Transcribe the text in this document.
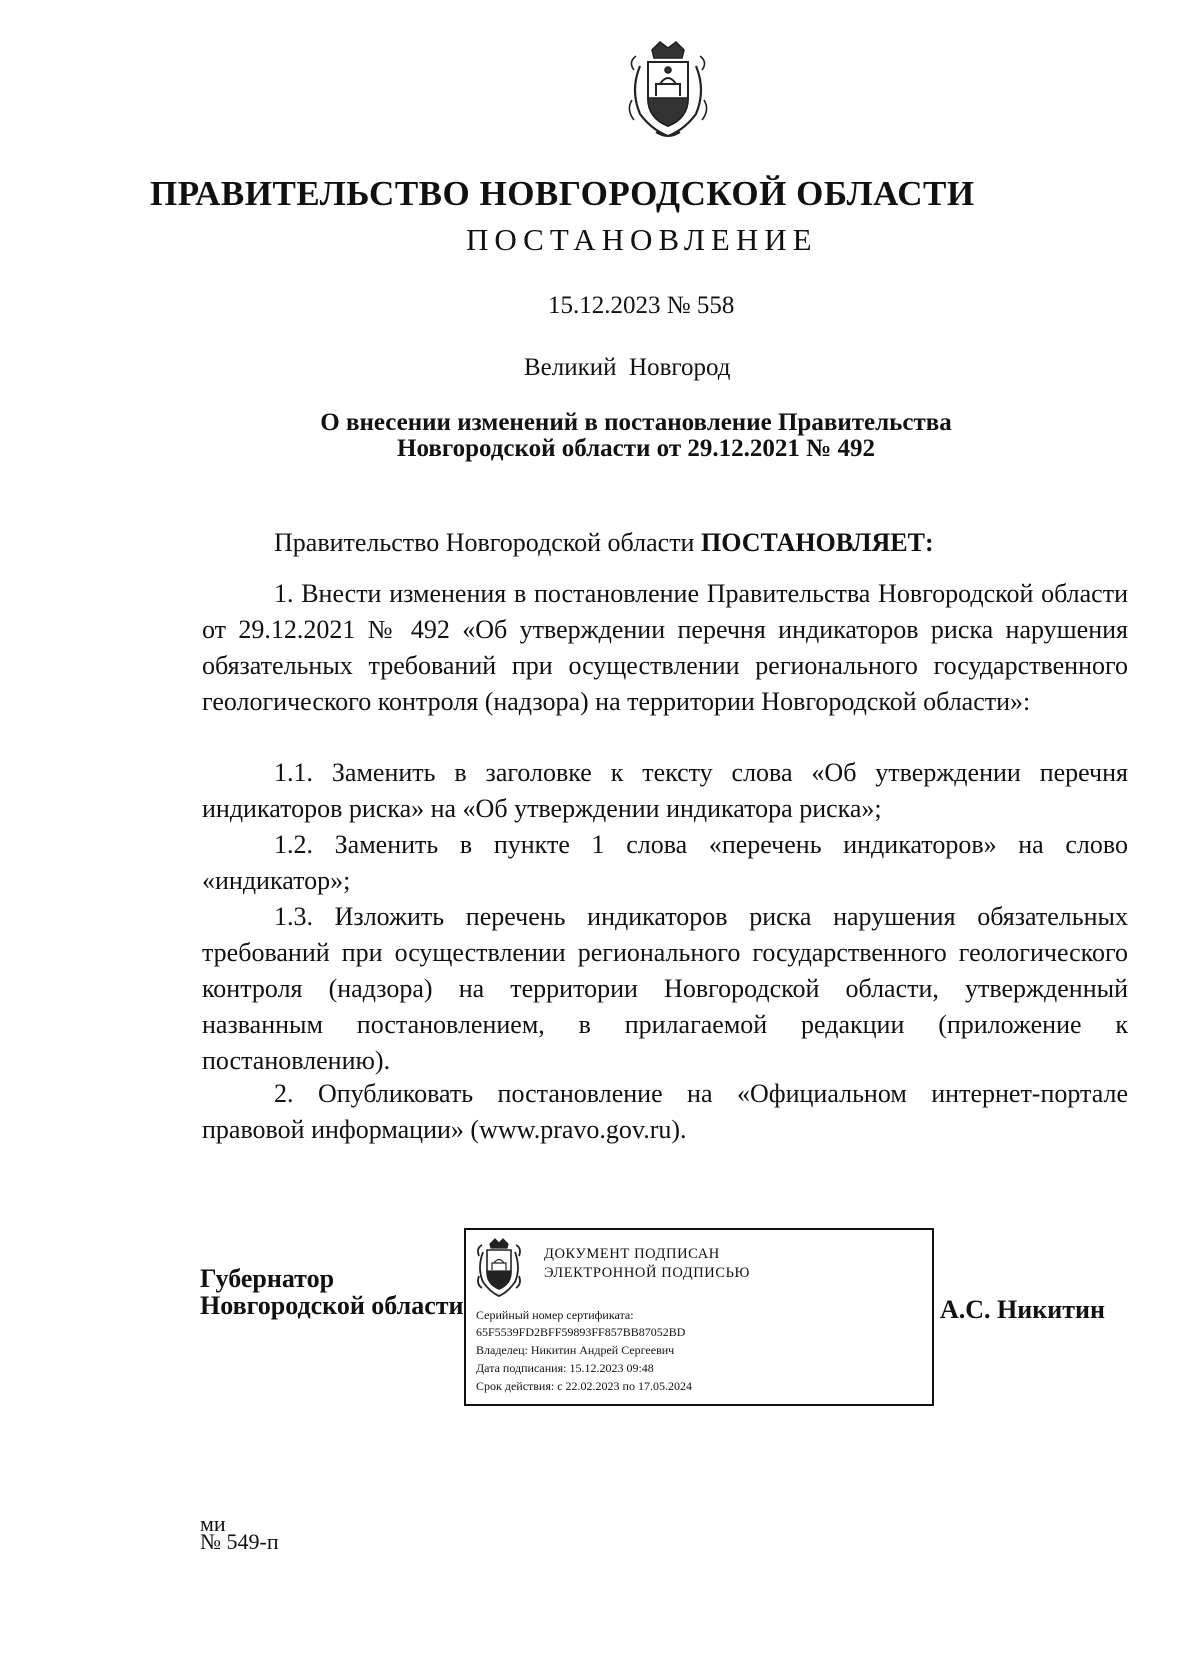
ПРАВИТЕЛЬСТВО НОВГОРОДСКОЙ ОБЛАСТИ
ПОСТАНОВЛЕНИЕ
15.12.2023 № 558
Великий  Новгород
О внесении изменений в постановление Правительства
Новгородской области от 29.12.2021 № 492
Правительство Новгородской области ПОСТАНОВЛЯЕТ:

1. Внести изменения в постановление Правительства Новгородской области от 29.12.2021 № 492 «Об утверждении перечня индикаторов риска нарушения обязательных требований при осуществлении регионального государственного геологического контроля (надзора) на территории Новгородской области»:

1.1. Заменить в заголовке к тексту слова «Об утверждении перечня индикаторов риска» на «Об утверждении индикатора риска»;

1.2. Заменить в пункте 1 слова «перечень индикаторов» на слово «индикатор»;

1.3. Изложить перечень индикаторов риска нарушения обязательных требований при осуществлении регионального государственного геологического контроля (надзора) на территории Новгородской области, утвержденный названным постановлением, в прилагаемой редакции (приложение к постановлению).

2. Опубликовать постановление на «Официальном интернет-портале правовой информации» (www.pravo.gov.ru).

Губернатор
Новгородской области
ДОКУМЕНТ ПОДПИСАН
ЭЛЕКТРОННОЙ ПОДПИСЬЮ
Серийный номер сертификата:
65F5539FD2BFF59893FF857BB87052BD
Владелец: Никитин Андрей Сергеевич
Дата подписания: 15.12.2023 09:48
Срок действия: с 22.02.2023 по 17.05.2024
А.С. Никитин
ми
№ 549-п
